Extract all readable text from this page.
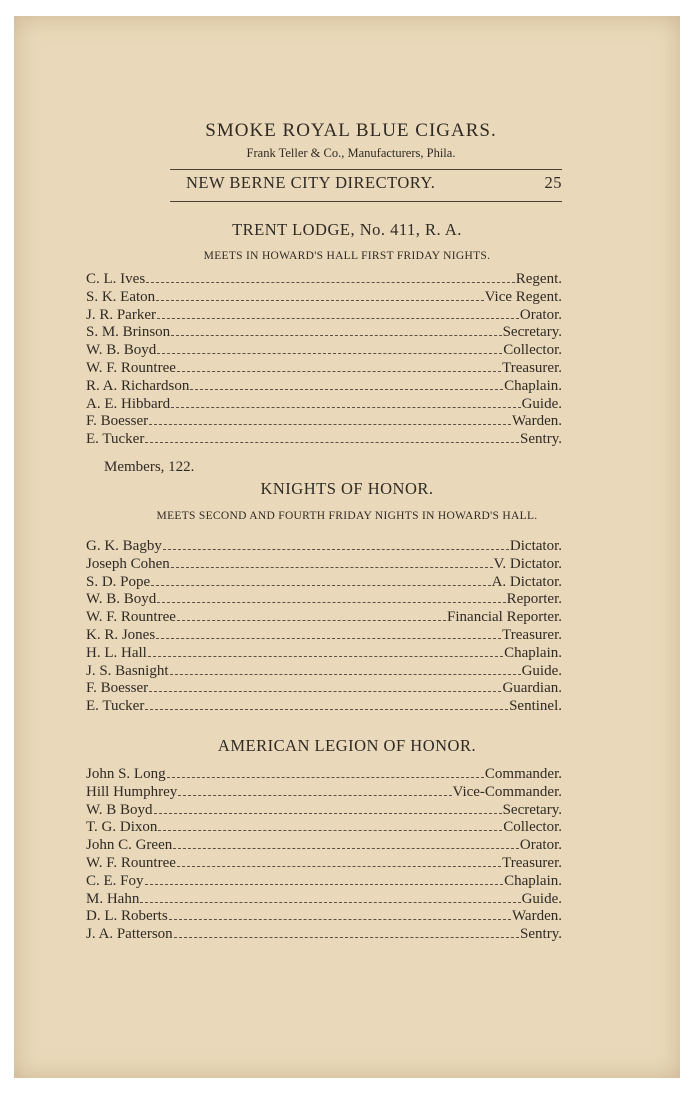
SMOKE ROYAL BLUE CIGARS.
Frank Teller & Co., Manufacturers, Phila.
NEW BERNE CITY DIRECTORY.	25
TRENT LODGE, No. 411, R. A.
MEETS IN HOWARD'S HALL FIRST FRIDAY NIGHTS.
C. L. Ives	Regent.
S. K. Eaton	Vice Regent.
J. R. Parker	Orator.
S. M. Brinson	Secretary.
W. B. Boyd	Collector.
W. F. Rountree	Treasurer.
R. A. Richardson	Chaplain.
A. E. Hibbard	Guide.
F. Boesser	Warden.
E. Tucker	Sentry.
Members, 122.
KNIGHTS OF HONOR.
MEETS SECOND AND FOURTH FRIDAY NIGHTS IN HOWARD'S HALL.
G. K. Bagby	Dictator.
Joseph Cohen	V. Dictator.
S. D. Pope	A. Dictator.
W. B. Boyd	Reporter.
W. F. Rountree	Financial Reporter.
K. R. Jones	Treasurer.
H. L. Hall	Chaplain.
J. S. Basnight	Guide.
F. Boesser	Guardian.
E. Tucker	Sentinel.
AMERICAN LEGION OF HONOR.
John S. Long	Commander.
Hill Humphrey	Vice-Commander.
W. B Boyd	Secretary.
T. G. Dixon	Collector.
John C. Green	Orator.
W. F. Rountree	Treasurer.
C. E. Foy	Chaplain.
M. Hahn	Guide.
D. L. Roberts	Warden.
J. A. Patterson	Sentry.
